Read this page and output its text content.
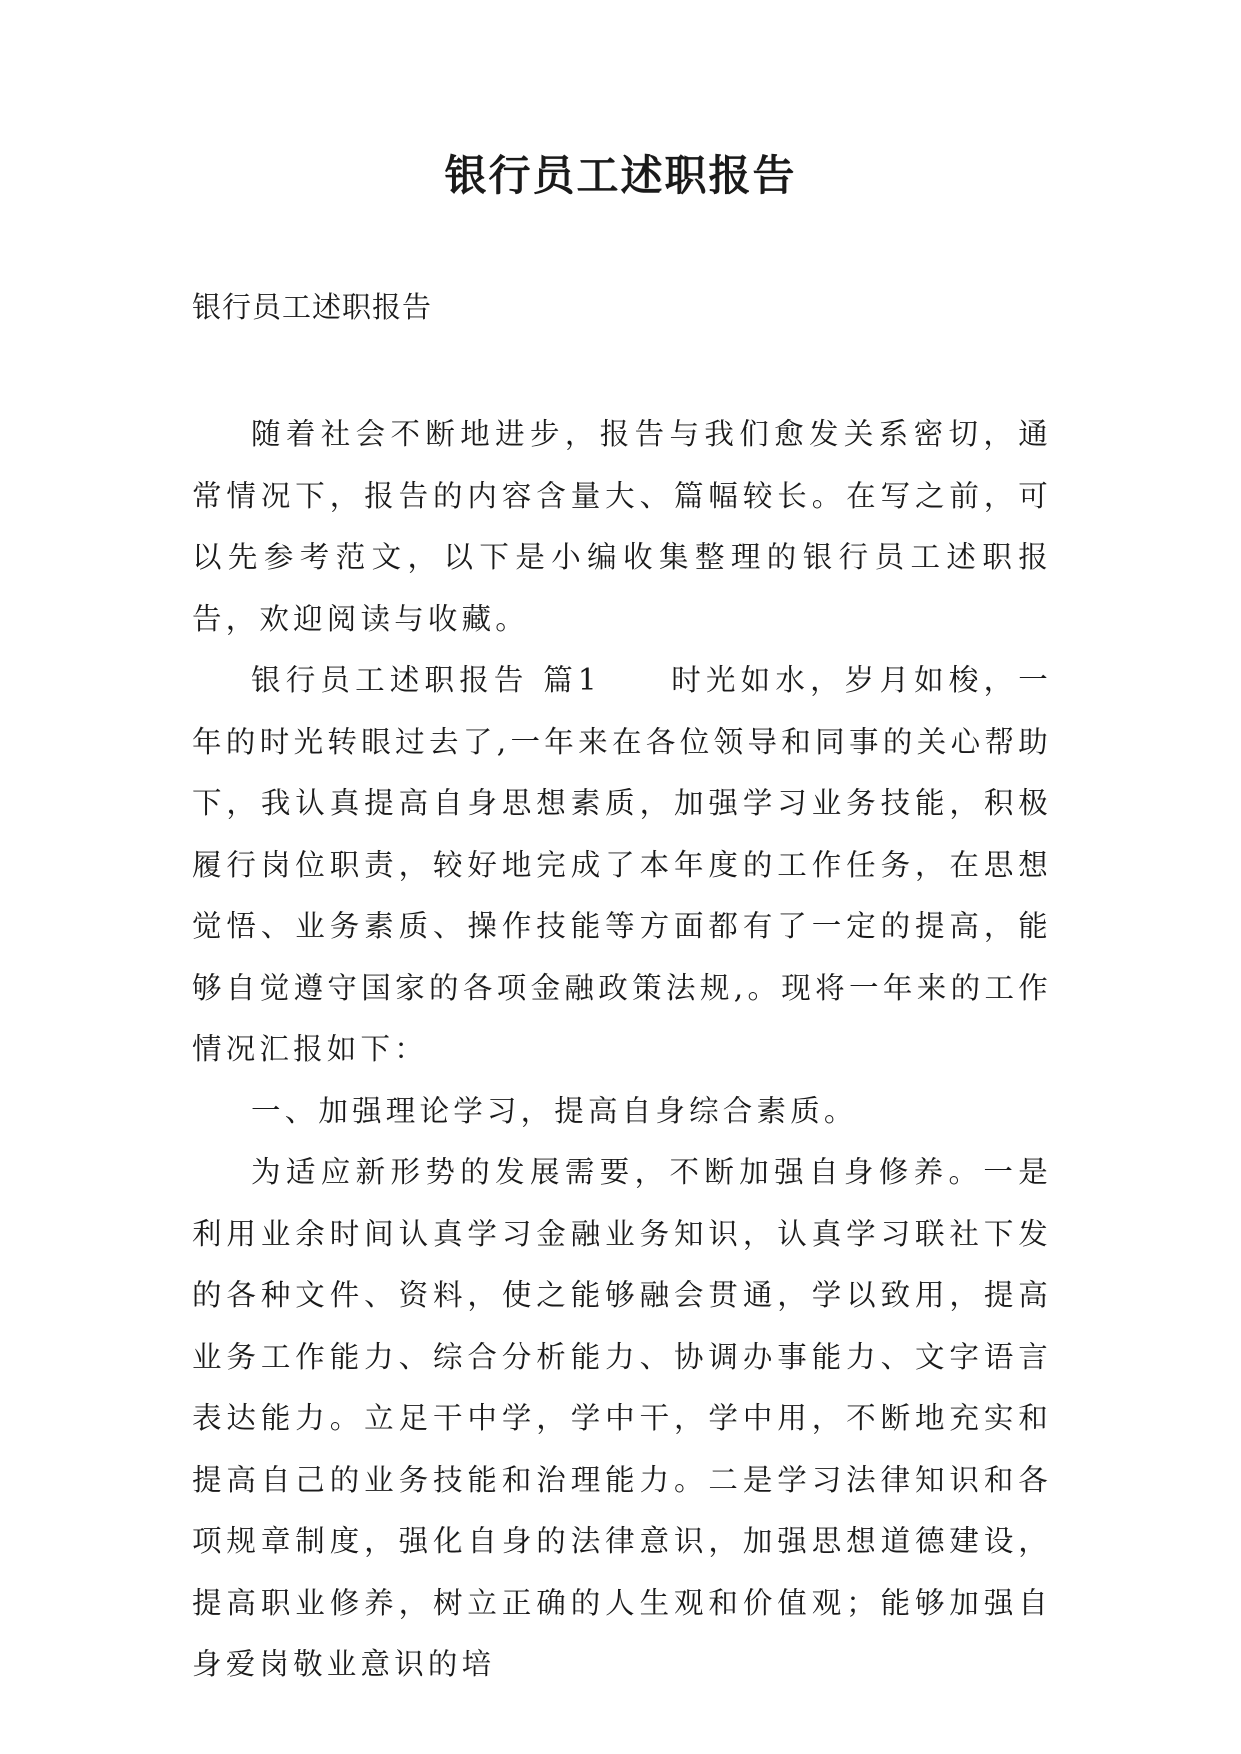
银行员工述职报告
银行员工述职报告

随着社会不断地进步，报告与我们愈发关系密切，通常情况下，报告的内容含量大、篇幅较长。在写之前，可以先参考范文，以下是小编收集整理的银行员工述职报告，欢迎阅读与收藏。

银行员工述职报告 篇1　　时光如水，岁月如梭，一年的时光转眼过去了,一年来在各位领导和同事的关心帮助下，我认真提高自身思想素质，加强学习业务技能，积极履行岗位职责，较好地完成了本年度的工作任务，在思想觉悟、业务素质、操作技能等方面都有了一定的提高，能够自觉遵守国家的各项金融政策法规,。现将一年来的工作情况汇报如下：

一、加强理论学习，提高自身综合素质。

为适应新形势的发展需要，不断加强自身修养。一是利用业余时间认真学习金融业务知识，认真学习联社下发的各种文件、资料，使之能够融会贯通，学以致用，提高业务工作能力、综合分析能力、协调办事能力、文字语言表达能力。立足干中学，学中干，学中用，不断地充实和提高自己的业务技能和治理能力。二是学习法律知识和各项规章制度，强化自身的法律意识，加强思想道德建设，提高职业修养，树立正确的人生观和价值观；能够加强自身爱岗敬业意识的培
